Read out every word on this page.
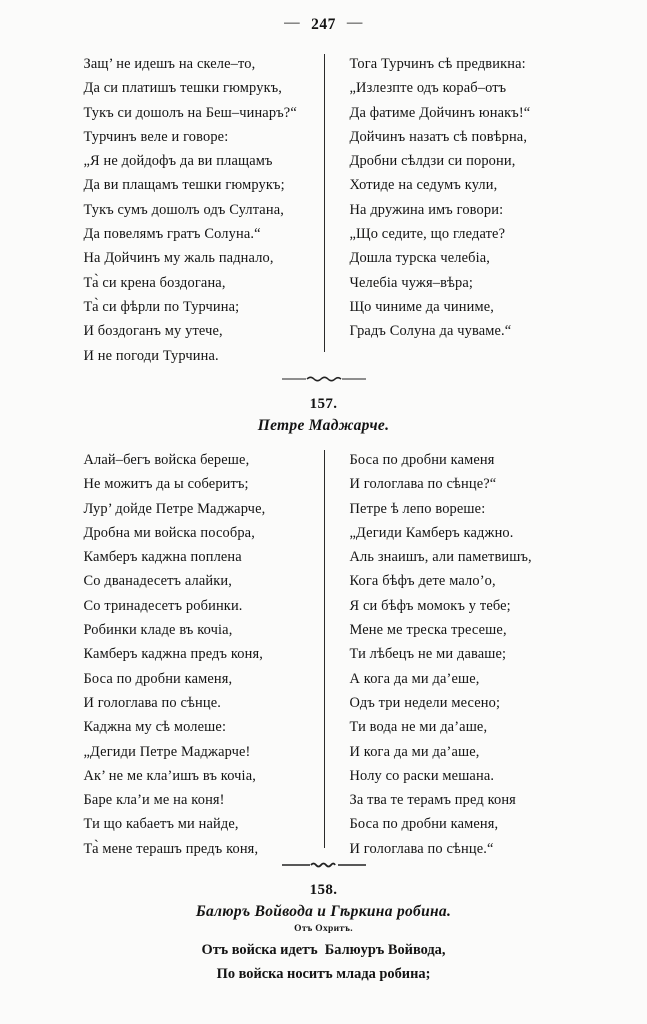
— 247 —
Защ’ не идешъ на скеле–то,
Да си платишъ тешки гюмрукъ,
Тукъ си дошолъ на Беш–чинаръ?“
Турчинъ веле и говоре:
„Я не дойдофъ да ви плащамъ
Да ви плащамъ тешки гюмрукъ;
Тукъ сумъ дошолъ одъ Султана,
Да повелямъ гратъ Солуна.“
На Дойчинъ му жаль паднало,
Та̀ си крена боздогана,
Та̀ си фѣрли по Турчина;
И боздоганъ му утече,
И не погоди Турчина.
Тога Турчинъ сѣ предвикна:
„Излезпте одъ кораб–отъ
Да фатиме Дойчинъ юнакъ!“
Дойчинъ назатъ сѣ повѣрна,
Дробни сѣлдзи си порони,
Хотиде на седумъ кули,
На дружина имъ говори:
„Що седите, що гледате?
Дошла турска челебіа,
Челебіа чужя–вѣра;
Що чиниме да чиниме,
Градъ Солуна да чуваме.“
157.
Петре Маджарче.
Алай–бегъ войска береше,
Не можитъ да ы соберитъ;
Лур’ дойде Петре Маджарче,
Дробна ми войска пособра,
Камберъ каджна поплена
Со дванадесетъ алайки,
Со тринадесетъ робинки.
Робинки кладе въ кочіа,
Камберъ каджна предъ коня,
Боса по дробни каменя,
И гологлава по сѣнце.
Каджна му сѣ молеше:
„Дегиди Петре Маджарче!
Ак’ не ме кла’ишъ въ кочіа,
Баре кла’и ме на коня!
Ти що кабаетъ ми найде,
Та̀ мене терашъ предъ коня,
Боса по дробни каменя
И гологлава по сѣнце?“
Петре ѣ лепо вореше:
„Дегиди Камберъ каджно.
Аль знаишъ, али паметвишъ,
Кога бѣфъ дете мало’о,
Я си бѣфъ момокъ у тебе;
Мене ме треска тресеше,
Ти лѣбецъ не ми даваше;
А кога да ми да’еше,
Одъ три недели месено;
Ти вода не ми да’аше,
И кога да ми да’аше,
Нолу со раски мешана.
За тва те терамъ пред коня
Боса по дробни каменя,
И гологлава по сѣнце.“
158.
Балюръ Войвода и Гѣркина робина.
Отъ Охритъ.
Отъ войска идетъ  Балюуръ Войвода,
По войска носитъ млада робина;
